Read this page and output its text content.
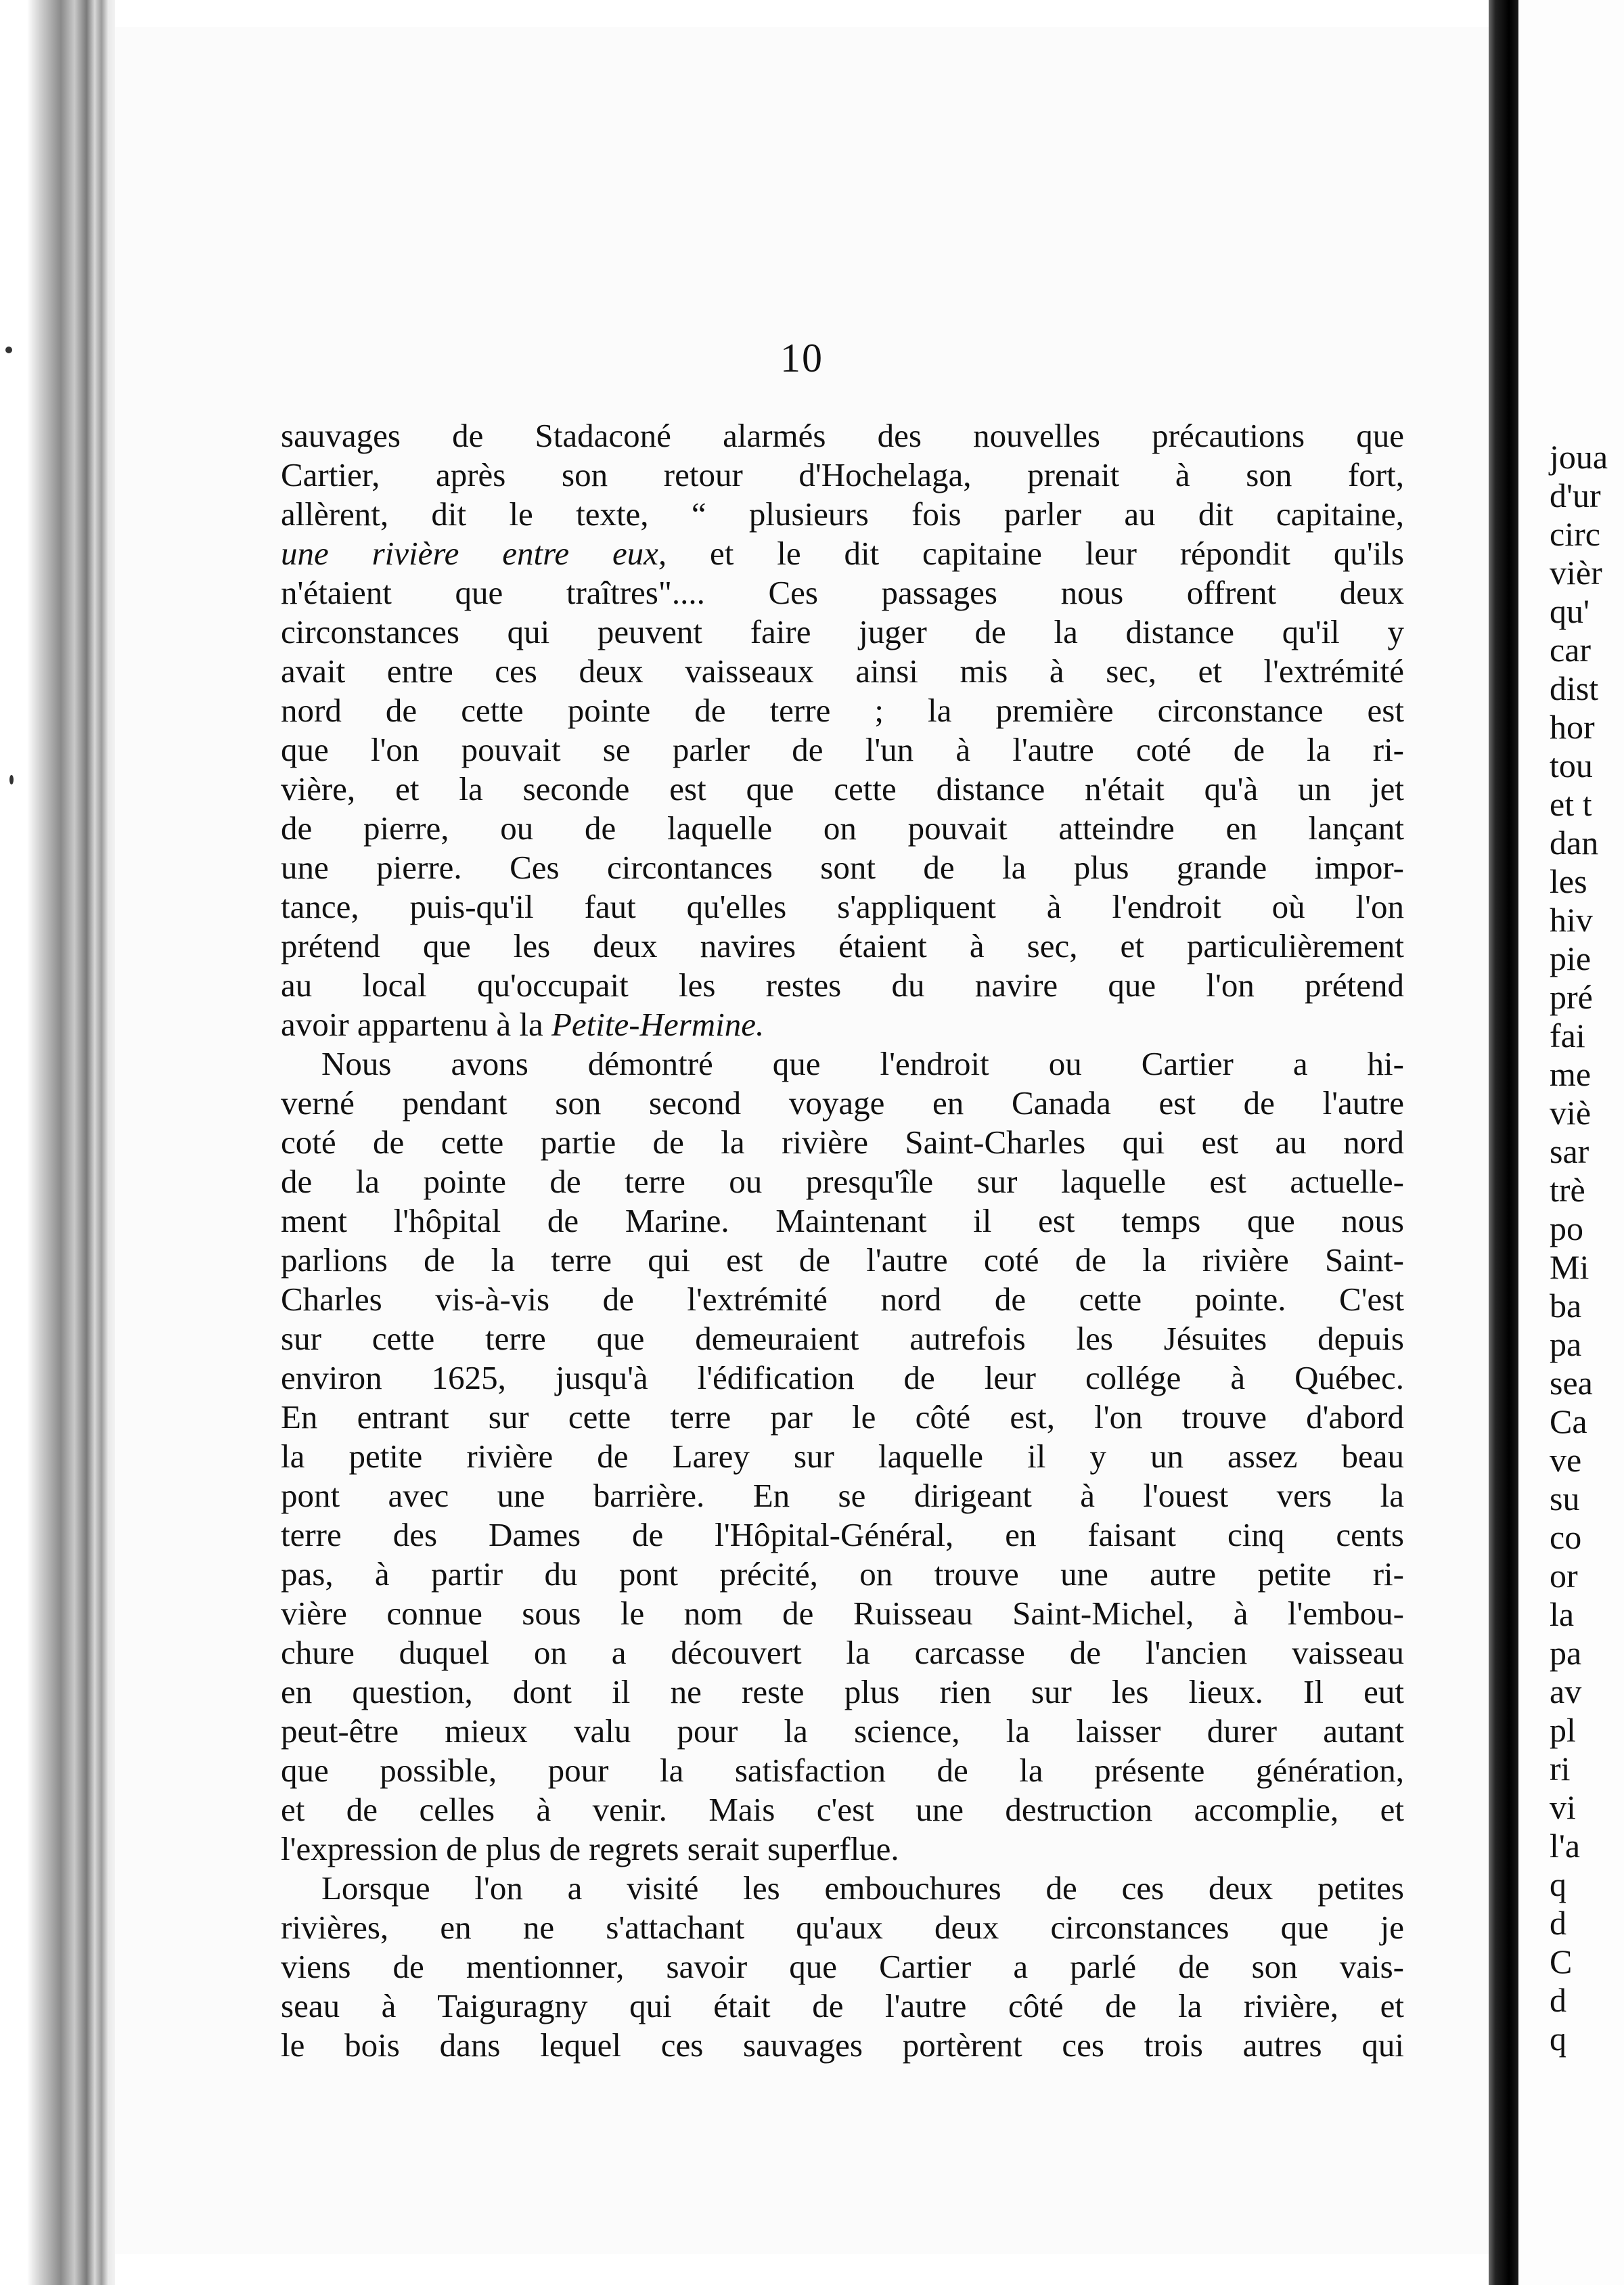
10
sauvages de Stadaconé alarmés des nouvelles précautions que
Cartier, après son retour d'Hochelaga, prenait à son fort,
allèrent, dit le texte, “ plusieurs fois parler au dit capitaine,
une rivière entre eux, et le dit capitaine leur répondit qu'ils
n'étaient que traîtres".... Ces passages nous offrent deux
circonstances qui peuvent faire juger de la distance qu'il y
avait entre ces deux vaisseaux ainsi mis à sec, et l'extrémité
nord de cette pointe de terre ; la première circonstance est
que l'on pouvait se parler de l'un à l'autre coté de la ri-
vière, et la seconde est que cette distance n'était qu'à un jet
de pierre, ou de laquelle on pouvait atteindre en lançant
une pierre. Ces circontances sont de la plus grande impor-
tance, puis-qu'il faut qu'elles s'appliquent à l'endroit où l'on
prétend que les deux navires étaient à sec, et particulièrement
au local qu'occupait les restes du navire que l'on prétend
avoir appartenu à la Petite-Hermine.
Nous avons démontré que l'endroit ou Cartier a hi-
verné pendant son second voyage en Canada est de l'autre
coté de cette partie de la rivière Saint-Charles qui est au nord
de la pointe de terre ou presqu'île sur laquelle est actuelle-
ment l'hôpital de Marine. Maintenant il est temps que nous
parlions de la terre qui est de l'autre coté de la rivière Saint-
Charles vis-à-vis de l'extrémité nord de cette pointe. C'est
sur cette terre que demeuraient autrefois les Jésuites depuis
environ 1625, jusqu'à l'édification de leur collége à Québec.
En entrant sur cette terre par le côté est, l'on trouve d'abord
la petite rivière de Larey sur laquelle il y un assez beau
pont avec une barrière. En se dirigeant à l'ouest vers la
terre des Dames de l'Hôpital-Général, en faisant cinq cents
pas, à partir du pont précité, on trouve une autre petite ri-
vière connue sous le nom de Ruisseau Saint-Michel, à l'embou-
chure duquel on a découvert la carcasse de l'ancien vaisseau
en question, dont il ne reste plus rien sur les lieux. Il eut
peut-être mieux valu pour la science, la laisser durer autant
que possible, pour la satisfaction de la présente génération,
et de celles à venir. Mais c'est une destruction accomplie, et
l'expression de plus de regrets serait superflue.
Lorsque l'on a visité les embouchures de ces deux petites
rivières, en ne s'attachant qu'aux deux circonstances que je
viens de mentionner, savoir que Cartier a parlé de son vais-
seau à Taiguragny qui était de l'autre côté de la rivière, et
le bois dans lequel ces sauvages portèrent ces trois autres qui
joua
d'ur
circ
vièr
qu'
car
dist
hor
tou
et t
dan
les
hiv
pie
pré
fai
me
viè
sar
trè
po
Mi
ba
pa
sea
Ca
ve
su
co
or
la
pa
av
pl
ri
vi
l'a
q
d
C
d
q
